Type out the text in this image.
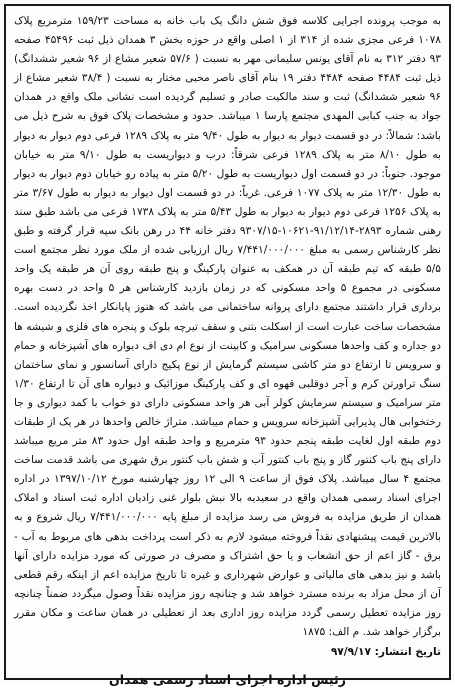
به موجب پرونده اجرایی کلاسه فوق شش دانگ یک باب خانه به مساحت ۱۵۹/۲۳ مترمربع پلاک ۱۰۷۸ فرعی مجزی شده از ۳۱۴ از ۱ اصلی واقع در حوزه بخش ۳ همدان ذیل ثبت ۴۵۴۹۶ صفحه ۹۳ دفتر ۳۱۲ به نام آقای یونس سلیمانی مهر به نسبت ( ۵۷/۶ شعیر مشاع از ۹۶ شعیر ششدانگ) ذیل ثبت ۴۴۸۴ صفحه ۴۴۸۴ دفتر ۱۹ بنام آقای ناصر محبی مختار به نسبت ( ۳۸/۴ شعیر مشاع از ۹۶ شعیر ششدانگ) ثبت و سند مالکیت صادر و تسلیم گردیده است نشانی ملک واقع در همدان جواد به جنب کبابی المهدی مجتمع پارسا ۱ میباشد. حدود و مشخصات پلاک فوق به شرح ذیل می باشد: شمالاً: در دو قسمت دیوار به دیوار به طول ۹/۴۰ متر به پلاک ۱۲۸۹ فرعی دوم دیوار به دیوار به طول ۸/۱۰ متر به پلاک ۱۲۸۹ فرعی شرقاً: درب و دیواریست به طول ۹/۱۰ متر به خیابان موجود. جنوباً: در دو قسمت اول دیواریست به طول ۵/۲۰ متر به پیاده رو خیابان دوم دیوار به دیوار به طول ۱۲/۳۰ متر به پلاک ۱۰۷۷ فرعی. غرباً: در دو قسمت اول دیوار به دیوار به طول ۳/۶۷ متر به پلاک ۱۲۵۶ فرعی دوم دیوار به دیوار به طول ۵/۴۳ متر به پلاک ۱۷۳۸ فرعی می باشد طبق سند رهنی شماره ۲۸۹۳-۹۱/۱۲/۱۴-۱۰۶۲۱-۹۳۰۷/۱۵ دفتر خانه ۴۴ در رهن بانک سپه قرار گرفته و طبق نظر کارشناس رسمی به مبلغ ۷/۴۴۱/۰۰۰/۰۰۰ ریال ارزیابی شده از ملک مورد نظر مجتمع است ۵/۵ طبقه که تیم طبقه آن در همکف به عنوان پارکینگ و پنج طبقه روی آن هر طبقه یک واحد مسکونی در مجموع ۵ واحد مسکونی که در زمان بازدید کارشناس هر ۵ واحد در دست بهره برداری قرار داشتند مجتمع دارای پروانه ساختمانی می باشد که هنوز پایانکار اخذ نگردیده است. مشخصات ساخت عبارت است از اسکلت بتنی و سقف تیرچه بلوک و پنجره های فلزی و شیشه ها دو جداره و کف واحدها مسکونی سرامیک و کابینت از نوع ام دی اف دیواره های آشپزخانه و حمام و سرویس تا ارتفاع دو متر کاشی سیستم گرمایش از نوع پکیج دارای آسانسور و نمای ساختمان سنگ تراورتن کرم و آجر دوقلبی قهوه ای و کف پارکینگ موزائیک و دیواره های آن تا ارتفاع ۱/۳۰ متر سرامیک و سیستم سرمایش کولر آبی هر واحد مسکونی دارای دو خواب با کمد دیواری و جا رختخوابی هال پذیرایی آشپزخانه سرویس و حمام میباشد. متراژ خالص واحدها در هر یک از طبقات دوم طبقه اول لغایت طبقه پنجم حدود ۹۳ مترمربع و واحد طبقه اول حدود ۸۳ متر مربع میباشد دارای پنج باب کنتور گاز و پنج باب کنتور آب و شش باب کنتور برق شهری می باشد قدمت ساخت مجتمع ۴ سال میباشد. پلاک فوق از ساعت ۹ الی ۱۲ روز چهارشنبه مورخ ۱۳۹۷/۱۰/۱۲ در اداره اجرای اسناد رسمی همدان واقع در سعیدیه بالا نبش بلوار غنی زادیان اداره ثبت اسناد و املاک همدان از طریق مزایده به فروش می رسد مزایده از مبلغ پایه ۷/۴۴۱/۰۰۰/۰۰۰ ریال شروع و به بالاترین قیمت پیشنهادی نقداً فروخته میشود لازم به ذکر است پرداخت بدهی های مربوط به آب - برق - گاز اعم از حق انشعاب و یا حق اشتراک و مصرف در صورتی که مورد مزایده دارای آنها باشد و نیز بدهی های مالیاتی و عوارض شهرداری و غیره تا تاریخ مزایده اعم از اینکه رقم قطعی آن از محل مزاد به برنده مسترد خواهد شد و چنانچه روز مزایده نقداً وصول میگردد ضمناً چنانچه روز مزایده تعطیل رسمی گردد مزایده روز اداری بعد از تعطیلی در همان ساعت و مکان مقرر برگزار خواهد شد. م الف: ۱۸۷۵

تاریخ انتشار: ۹۷/۹/۱۷
رئیس اداره اجرای اسناد رسمی همدان
